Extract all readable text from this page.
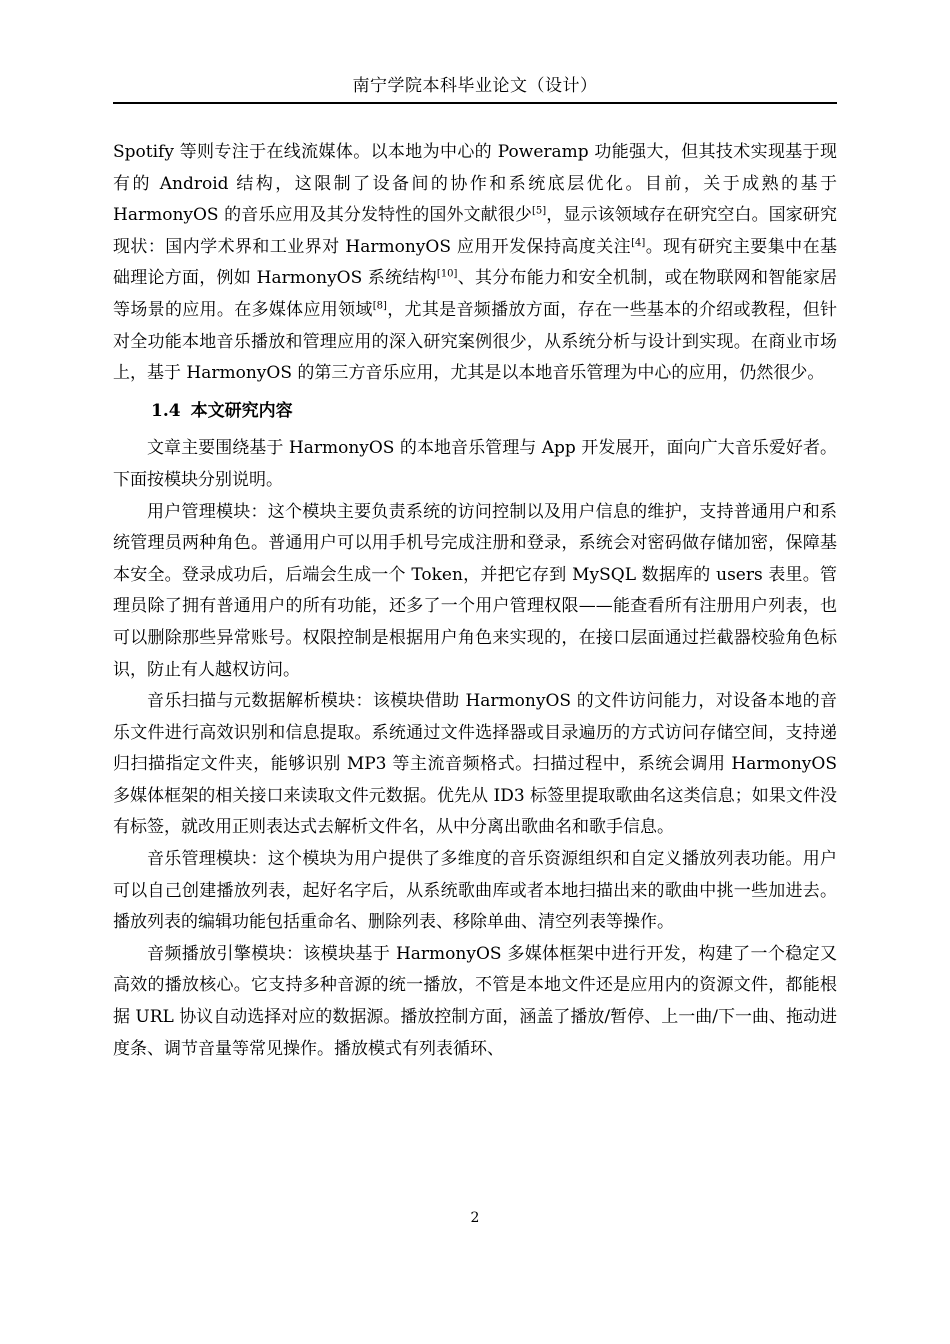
南宁学院本科毕业论文（设计）

Spotify 等则专注于在线流媒体。以本地为中心的 Poweramp 功能强大，但其技术实现基于现有的 Android 结构，这限制了设备间的协作和系统底层优化。目前，关于成熟的基于 HarmonyOS 的音乐应用及其分发特性的国外文献很少[5]，显示该领域存在研究空白。国家研究现状：国内学术界和工业界对 HarmonyOS 应用开发保持高度关注[4]。现有研究主要集中在基础理论方面，例如 HarmonyOS 系统结构[10]、其分布能力和安全机制，或在物联网和智能家居等场景的应用。在多媒体应用领域[8]，尤其是音频播放方面，存在一些基本的介绍或教程，但针对全功能本地音乐播放和管理应用的深入研究案例很少，从系统分析与设计到实现。在商业市场上，基于 HarmonyOS 的第三方音乐应用，尤其是以本地音乐管理为中心的应用，仍然很少。

1.4 本文研究内容

文章主要围绕基于 HarmonyOS 的本地音乐管理与 App 开发展开，面向广大音乐爱好者。下面按模块分别说明。

用户管理模块：这个模块主要负责系统的访问控制以及用户信息的维护，支持普通用户和系统管理员两种角色。普通用户可以用手机号完成注册和登录，系统会对密码做存储加密，保障基本安全。登录成功后，后端会生成一个 Token，并把它存到 MySQL 数据库的 users 表里。管理员除了拥有普通用户的所有功能，还多了一个用户管理权限——能查看所有注册用户列表，也可以删除那些异常账号。权限控制是根据用户角色来实现的，在接口层面通过拦截器校验角色标识，防止有人越权访问。

音乐扫描与元数据解析模块：该模块借助 HarmonyOS 的文件访问能力，对设备本地的音乐文件进行高效识别和信息提取。系统通过文件选择器或目录遍历的方式访问存储空间，支持递归扫描指定文件夹，能够识别 MP3 等主流音频格式。扫描过程中，系统会调用 HarmonyOS 多媒体框架的相关接口来读取文件元数据。优先从 ID3 标签里提取歌曲名这类信息；如果文件没有标签，就改用正则表达式去解析文件名，从中分离出歌曲名和歌手信息。

音乐管理模块：这个模块为用户提供了多维度的音乐资源组织和自定义播放列表功能。用户可以自己创建播放列表，起好名字后，从系统歌曲库或者本地扫描出来的歌曲中挑一些加进去。播放列表的编辑功能包括重命名、删除列表、移除单曲、清空列表等操作。

音频播放引擎模块：该模块基于 HarmonyOS 多媒体框架中进行开发，构建了一个稳定又高效的播放核心。它支持多种音源的统一播放，不管是本地文件还是应用内的资源文件，都能根据 URL 协议自动选择对应的数据源。播放控制方面，涵盖了播放/暂停、上一曲/下一曲、拖动进度条、调节音量等常见操作。播放模式有列表循环、

2
